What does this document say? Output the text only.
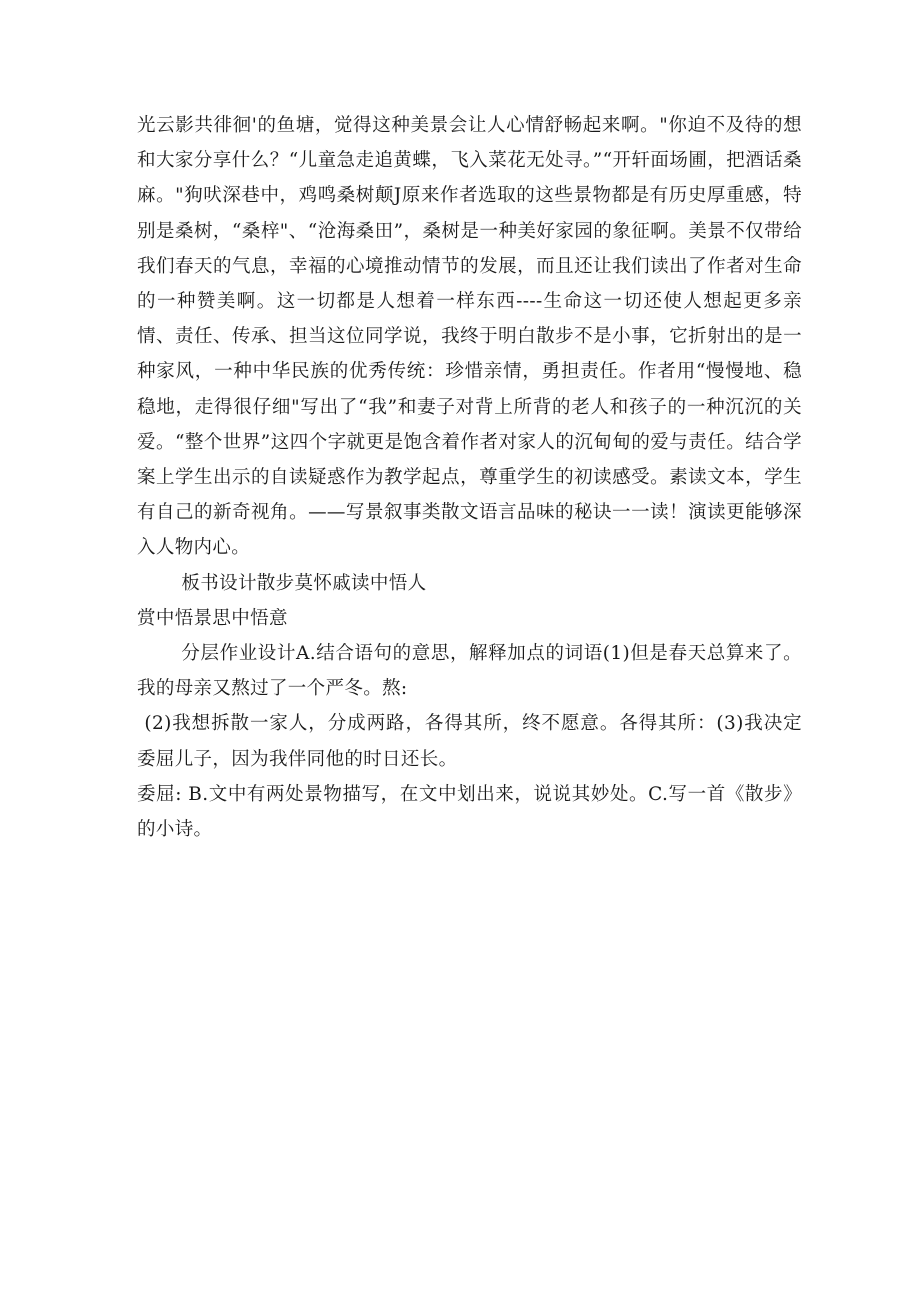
光云影共徘徊'的鱼塘，觉得这种美景会让人心情舒畅起来啊。"你迫不及待的想和大家分享什么？“儿童急走追黄蝶，飞入菜花无处寻。”“开轩面场圃，把酒话桑麻。"狗吠深巷中，鸡鸣桑树颠J原来作者选取的这些景物都是有历史厚重感，特别是桑树，“桑梓"、“沧海桑田”，桑树是一种美好家园的象征啊。美景不仅带给我们春天的气息，幸福的心境推动情节的发展，而且还让我们读出了作者对生命的一种赞美啊。这一切都是人想着一样东西----生命这一切还使人想起更多亲情、责任、传承、担当这位同学说，我终于明白散步不是小事，它折射出的是一种家风，一种中华民族的优秀传统：珍惜亲情，勇担责任。作者用“慢慢地、稳稳地，走得很仔细"写出了“我”和妻子对背上所背的老人和孩子的一种沉沉的关爱。“整个世界”这四个字就更是饱含着作者对家人的沉甸甸的爱与责任。结合学案上学生出示的自读疑惑作为教学起点，尊重学生的初读感受。素读文本，学生有自己的新奇视角。——写景叙事类散文语言品味的秘诀一一读！演读更能够深入人物内心。

板书设计散步莫怀戚读中悟人

赏中悟景思中悟意

分层作业设计A.结合语句的意思，解释加点的词语(1)但是春天总算来了。我的母亲又熬过了一个严冬。熬:

(2)我想拆散一家人，分成两路，各得其所，终不愿意。各得其所：(3)我决定委屈儿子，因为我伴同他的时日还长。

委屈: B.文中有两处景物描写，在文中划出来，说说其妙处。C.写一首《散步》的小诗。
